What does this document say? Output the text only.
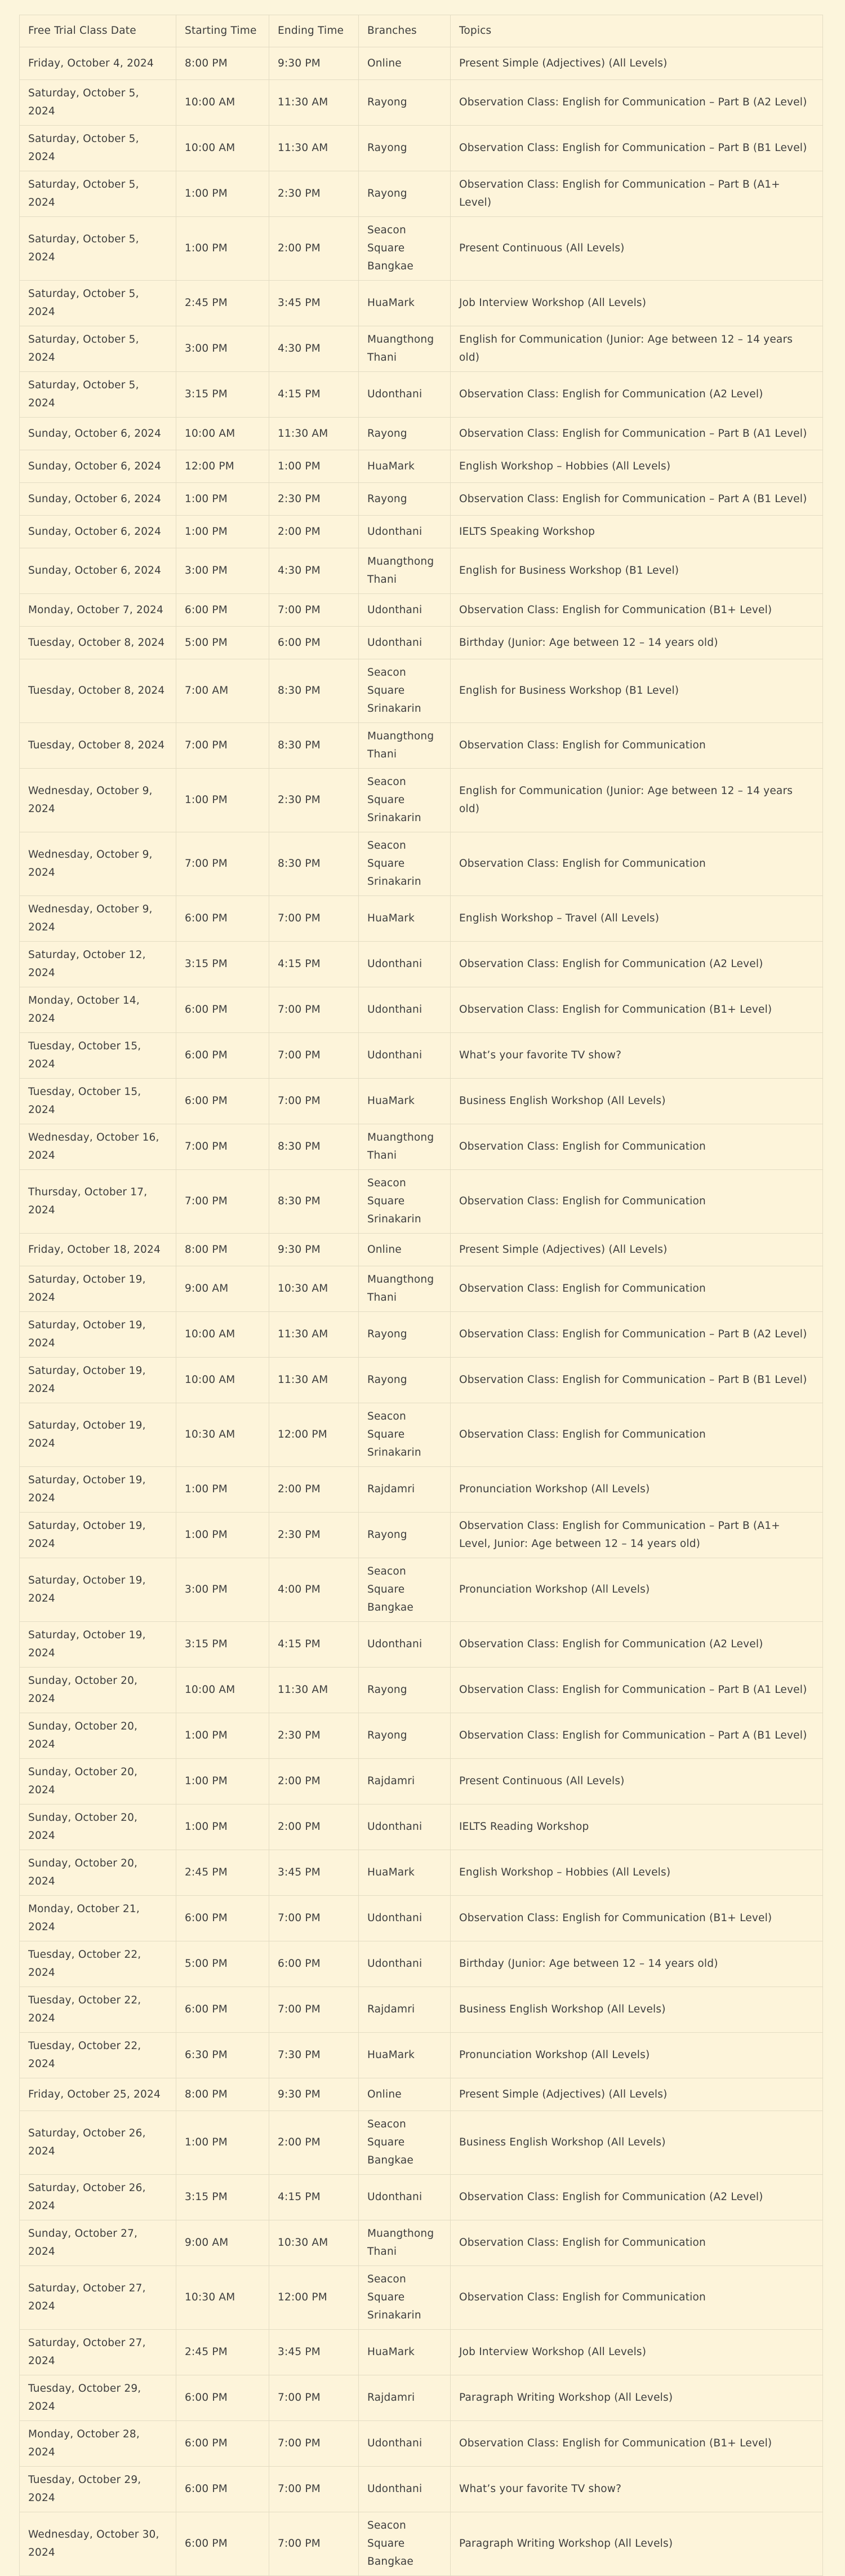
Free Trial Class Date	Starting Time	Ending Time	Branches	Topics
Friday, October 4, 2024	8:00 PM	9:30 PM	Online	Present Simple (Adjectives) (All Levels)
Saturday, October 5, 2024	10:00 AM	11:30 AM	Rayong	Observation Class: English for Communication – Part B (A2 Level)
Saturday, October 5, 2024	10:00 AM	11:30 AM	Rayong	Observation Class: English for Communication – Part B (B1 Level)
Saturday, October 5, 2024	1:00 PM	2:30 PM	Rayong	Observation Class: English for Communication – Part B (A1+ Level)
Saturday, October 5, 2024	1:00 PM	2:00 PM	Seacon Square Bangkae	Present Continuous (All Levels)
Saturday, October 5, 2024	2:45 PM	3:45 PM	HuaMark	Job Interview Workshop (All Levels)
Saturday, October 5, 2024	3:00 PM	4:30 PM	Muangthong Thani	English for Communication (Junior: Age between 12 – 14 years old)
Saturday, October 5, 2024	3:15 PM	4:15 PM	Udonthani	Observation Class: English for Communication (A2 Level)
Sunday, October 6, 2024	10:00 AM	11:30 AM	Rayong	Observation Class: English for Communication – Part B (A1 Level)
Sunday, October 6, 2024	12:00 PM	1:00 PM	HuaMark	English Workshop – Hobbies (All Levels)
Sunday, October 6, 2024	1:00 PM	2:30 PM	Rayong	Observation Class: English for Communication – Part A (B1 Level)
Sunday, October 6, 2024	1:00 PM	2:00 PM	Udonthani	IELTS Speaking Workshop
Sunday, October 6, 2024	3:00 PM	4:30 PM	Muangthong Thani	English for Business Workshop (B1 Level)
Monday, October 7, 2024	6:00 PM	7:00 PM	Udonthani	Observation Class: English for Communication (B1+ Level)
Tuesday, October 8, 2024	5:00 PM	6:00 PM	Udonthani	Birthday (Junior: Age between 12 – 14 years old)
Tuesday, October 8, 2024	7:00 AM	8:30 PM	Seacon Square Srinakarin	English for Business Workshop (B1 Level)
Tuesday, October 8, 2024	7:00 PM	8:30 PM	Muangthong Thani	Observation Class: English for Communication
Wednesday, October 9, 2024	1:00 PM	2:30 PM	Seacon Square Srinakarin	English for Communication (Junior: Age between 12 – 14 years old)
Wednesday, October 9, 2024	7:00 PM	8:30 PM	Seacon Square Srinakarin	Observation Class: English for Communication
Wednesday, October 9, 2024	6:00 PM	7:00 PM	HuaMark	English Workshop – Travel (All Levels)
Saturday, October 12, 2024	3:15 PM	4:15 PM	Udonthani	Observation Class: English for Communication (A2 Level)
Monday, October 14, 2024	6:00 PM	7:00 PM	Udonthani	Observation Class: English for Communication (B1+ Level)
Tuesday, October 15, 2024	6:00 PM	7:00 PM	Udonthani	What’s your favorite TV show?
Tuesday, October 15, 2024	6:00 PM	7:00 PM	HuaMark	Business English Workshop (All Levels)
Wednesday, October 16, 2024	7:00 PM	8:30 PM	Muangthong Thani	Observation Class: English for Communication
Thursday, October 17, 2024	7:00 PM	8:30 PM	Seacon Square Srinakarin	Observation Class: English for Communication
Friday, October 18, 2024	8:00 PM	9:30 PM	Online	Present Simple (Adjectives) (All Levels)
Saturday, October 19, 2024	9:00 AM	10:30 AM	Muangthong Thani	Observation Class: English for Communication
Saturday, October 19, 2024	10:00 AM	11:30 AM	Rayong	Observation Class: English for Communication – Part B (A2 Level)
Saturday, October 19, 2024	10:00 AM	11:30 AM	Rayong	Observation Class: English for Communication – Part B (B1 Level)
Saturday, October 19, 2024	10:30 AM	12:00 PM	Seacon Square Srinakarin	Observation Class: English for Communication
Saturday, October 19, 2024	1:00 PM	2:00 PM	Rajdamri	Pronunciation Workshop (All Levels)
Saturday, October 19, 2024	1:00 PM	2:30 PM	Rayong	Observation Class: English for Communication – Part B (A1+ Level, Junior: Age between 12 – 14 years old)
Saturday, October 19, 2024	3:00 PM	4:00 PM	Seacon Square Bangkae	Pronunciation Workshop (All Levels)
Saturday, October 19, 2024	3:15 PM	4:15 PM	Udonthani	Observation Class: English for Communication (A2 Level)
Sunday, October 20, 2024	10:00 AM	11:30 AM	Rayong	Observation Class: English for Communication – Part B (A1 Level)
Sunday, October 20, 2024	1:00 PM	2:30 PM	Rayong	Observation Class: English for Communication – Part A (B1 Level)
Sunday, October 20, 2024	1:00 PM	2:00 PM	Rajdamri	Present Continuous (All Levels)
Sunday, October 20, 2024	1:00 PM	2:00 PM	Udonthani	IELTS Reading Workshop
Sunday, October 20, 2024	2:45 PM	3:45 PM	HuaMark	English Workshop – Hobbies (All Levels)
Monday, October 21, 2024	6:00 PM	7:00 PM	Udonthani	Observation Class: English for Communication (B1+ Level)
Tuesday, October 22, 2024	5:00 PM	6:00 PM	Udonthani	Birthday (Junior: Age between 12 – 14 years old)
Tuesday, October 22, 2024	6:00 PM	7:00 PM	Rajdamri	Business English Workshop (All Levels)
Tuesday, October 22, 2024	6:30 PM	7:30 PM	HuaMark	Pronunciation Workshop (All Levels)
Friday, October 25, 2024	8:00 PM	9:30 PM	Online	Present Simple (Adjectives) (All Levels)
Saturday, October 26, 2024	1:00 PM	2:00 PM	Seacon Square Bangkae	Business English Workshop (All Levels)
Saturday, October 26, 2024	3:15 PM	4:15 PM	Udonthani	Observation Class: English for Communication (A2 Level)
Sunday, October 27, 2024	9:00 AM	10:30 AM	Muangthong Thani	Observation Class: English for Communication
Saturday, October 27, 2024	10:30 AM	12:00 PM	Seacon Square Srinakarin	Observation Class: English for Communication
Saturday, October 27, 2024	2:45 PM	3:45 PM	HuaMark	Job Interview Workshop (All Levels)
Tuesday, October 29, 2024	6:00 PM	7:00 PM	Rajdamri	Paragraph Writing Workshop (All Levels)
Monday, October 28, 2024	6:00 PM	7:00 PM	Udonthani	Observation Class: English for Communication (B1+ Level)
Tuesday, October 29, 2024	6:00 PM	7:00 PM	Udonthani	What’s your favorite TV show?
Wednesday, October 30, 2024	6:00 PM	7:00 PM	Seacon Square Bangkae	Paragraph Writing Workshop (All Levels)
